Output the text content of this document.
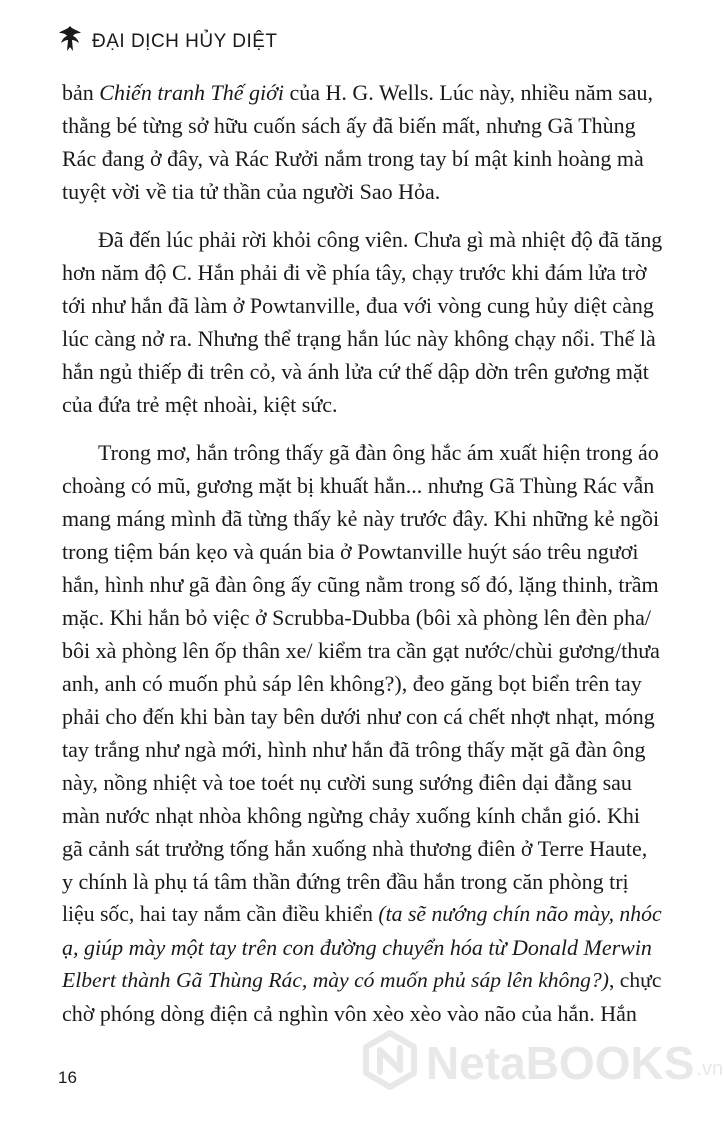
ĐẠI DỊCH HỦY DIỆT
bản Chiến tranh Thế giới của H. G. Wells. Lúc này, nhiều năm sau,
thằng bé từng sở hữu cuốn sách ấy đã biến mất, nhưng Gã Thùng
Rác đang ở đây, và Rác Rưởi nắm trong tay bí mật kinh hoàng mà
tuyệt vời về tia tử thần của người Sao Hỏa.
Đã đến lúc phải rời khỏi công viên. Chưa gì mà nhiệt độ đã tăng
hơn năm độ C. Hắn phải đi về phía tây, chạy trước khi đám lửa trờ
tới như hắn đã làm ở Powtanville, đua với vòng cung hủy diệt càng
lúc càng nở ra. Nhưng thể trạng hắn lúc này không chạy nổi. Thế là
hắn ngủ thiếp đi trên cỏ, và ánh lửa cứ thế dập dờn trên gương mặt
của đứa trẻ mệt nhoài, kiệt sức.
Trong mơ, hắn trông thấy gã đàn ông hắc ám xuất hiện trong áo
choàng có mũ, gương mặt bị khuất hẳn... nhưng Gã Thùng Rác vẫn
mang máng mình đã từng thấy kẻ này trước đây. Khi những kẻ ngồi
trong tiệm bán kẹo và quán bia ở Powtanville huýt sáo trêu ngươi
hắn, hình như gã đàn ông ấy cũng nằm trong số đó, lặng thinh, trầm
mặc. Khi hắn bỏ việc ở Scrubba-Dubba (bôi xà phòng lên đèn pha/
bôi xà phòng lên ốp thân xe/ kiểm tra cần gạt nước/chùi gương/thưa
anh, anh có muốn phủ sáp lên không?), đeo găng bọt biển trên tay
phải cho đến khi bàn tay bên dưới như con cá chết nhợt nhạt, móng
tay trắng như ngà mới, hình như hắn đã trông thấy mặt gã đàn ông
này, nồng nhiệt và toe toét nụ cười sung sướng điên dại đằng sau
màn nước nhạt nhòa không ngừng chảy xuống kính chắn gió. Khi
gã cảnh sát trưởng tống hắn xuống nhà thương điên ở Terre Haute,
y chính là phụ tá tâm thần đứng trên đầu hắn trong căn phòng trị
liệu sốc, hai tay nắm cần điều khiển (ta sẽ nướng chín não mày, nhóc
ạ, giúp mày một tay trên con đường chuyển hóa từ Donald Merwin
Elbert thành Gã Thùng Rác, mày có muốn phủ sáp lên không?), chực
chờ phóng dòng điện cả nghìn vôn xèo xèo vào não của hắn. Hắn
16	NetaBOOKS .vn
